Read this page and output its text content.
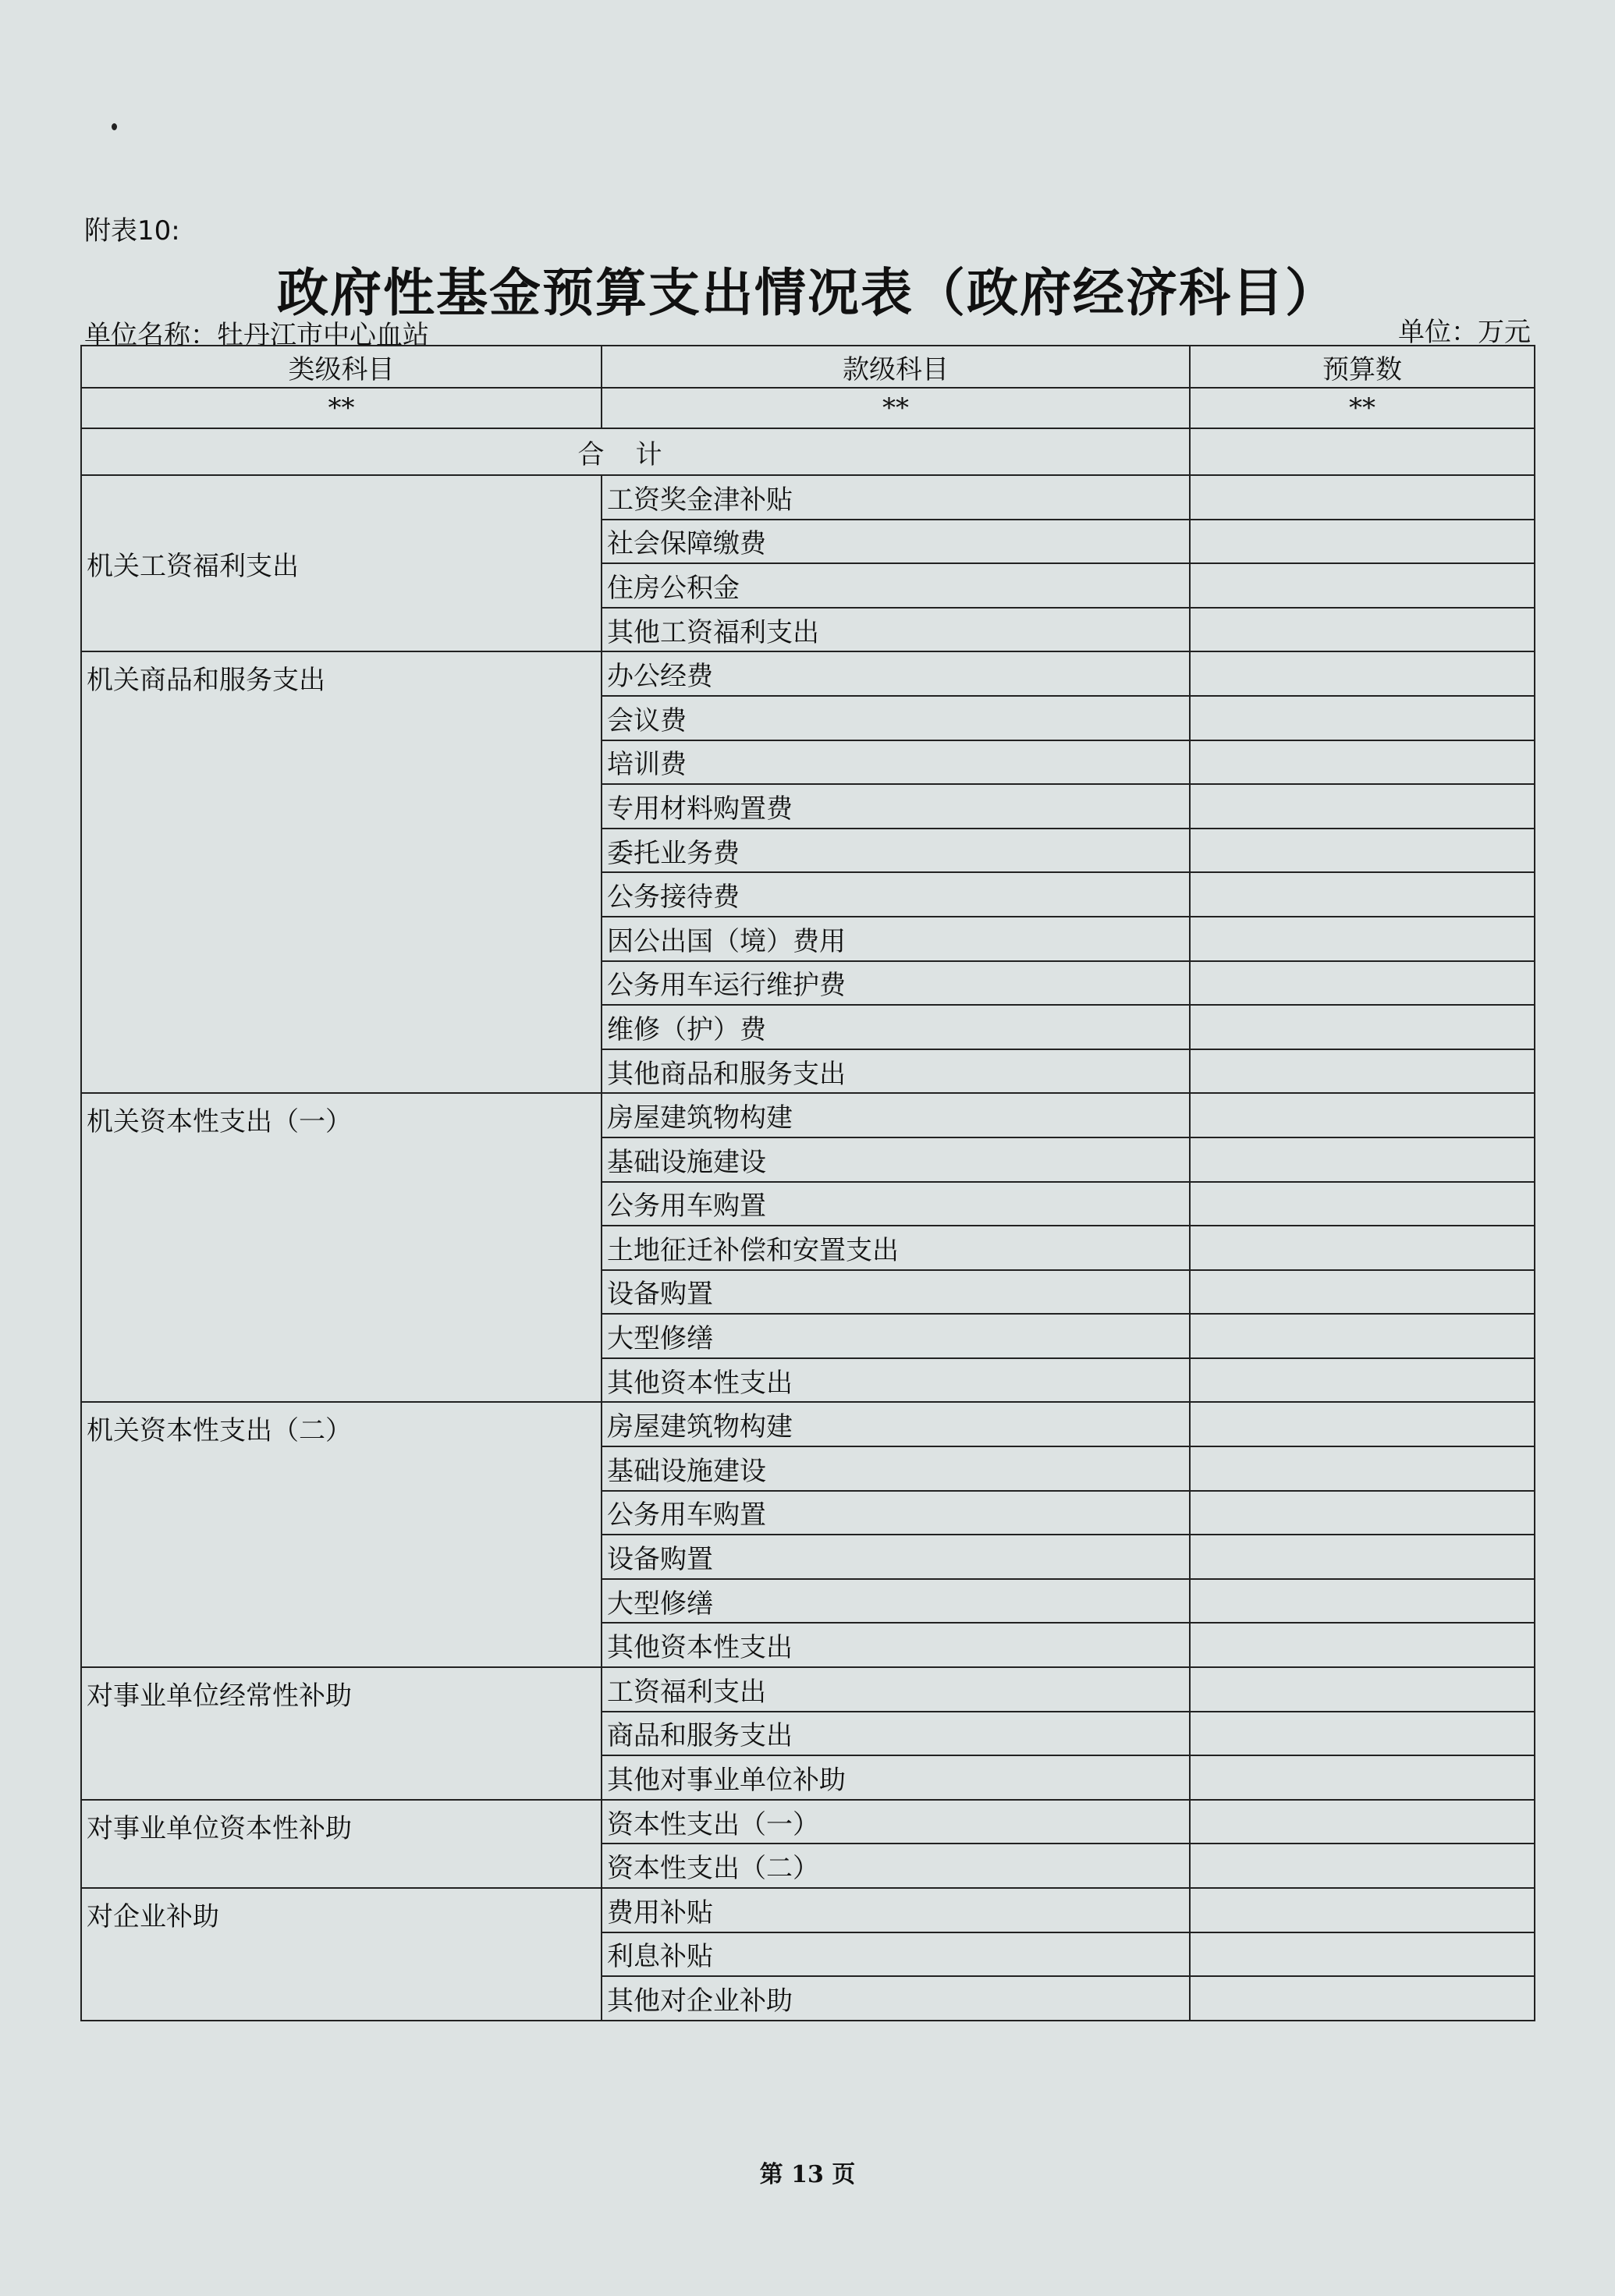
附表10:
政府性基金预算支出情况表（政府经济科目）
单位名称：牡丹江市中心血站	单位：万元
类级科目	款级科目	预算数
**	**	**
合计		
机关工资福利支出	工资奖金津补贴	
	社会保障缴费	
	住房公积金	
	其他工资福利支出	
机关商品和服务支出	办公经费	
	会议费	
	培训费	
	专用材料购置费	
	委托业务费	
	公务接待费	
	因公出国（境）费用	
	公务用车运行维护费	
	维修（护）费	
	其他商品和服务支出	
机关资本性支出（一）	房屋建筑物构建	
	基础设施建设	
	公务用车购置	
	土地征迁补偿和安置支出	
	设备购置	
	大型修缮	
	其他资本性支出	
机关资本性支出（二）	房屋建筑物构建	
	基础设施建设	
	公务用车购置	
	设备购置	
	大型修缮	
	其他资本性支出	
对事业单位经常性补助	工资福利支出	
	商品和服务支出	
	其他对事业单位补助	
对事业单位资本性补助	资本性支出（一）	
	资本性支出（二）	
对企业补助	费用补贴	
	利息补贴	
	其他对企业补助	
第 13 页
